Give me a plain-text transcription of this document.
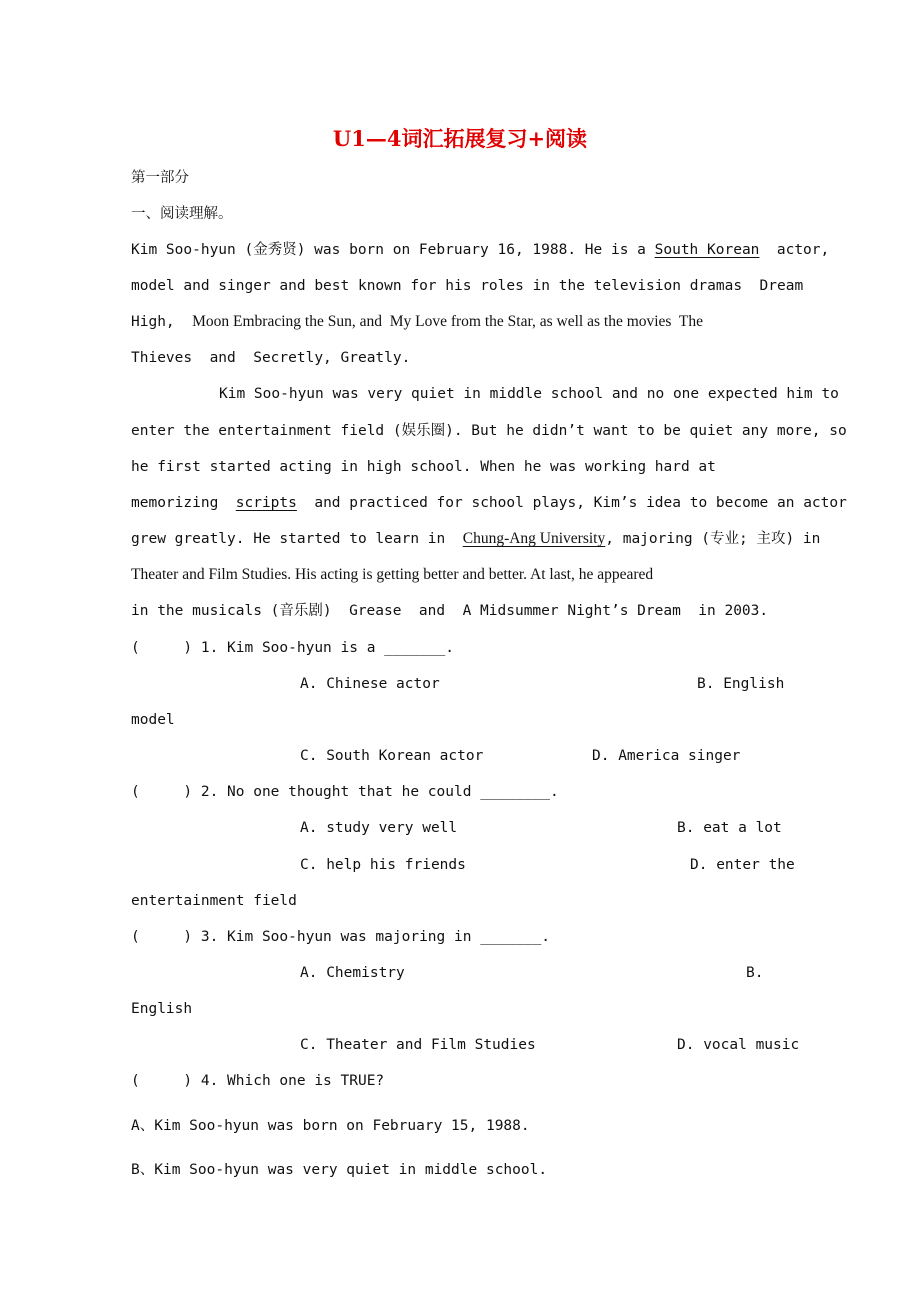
U1—4词汇拓展复习+阅读
第一部分
一、阅读理解。
Kim Soo-hyun (金秀贤) was born on February 16, 1988. He is a South Korean  actor,
model and singer and best known for his roles in the television dramas  Dream
High,  Moon Embracing the Sun, and  My Love from the Star, as well as the movies  The
Thieves  and  Secretly, Greatly.
Kim Soo-hyun was very quiet in middle school and no one expected him to
enter the entertainment field (娱乐圈). But he didn’t want to be quiet any more, so
he first started acting in high school. When he was working hard at
memorizing  scripts  and practiced for school plays, Kim’s idea to become an actor
grew greatly. He started to learn in  Chung-Ang University, majoring (专业; 主攻) in
Theater and Film Studies. His acting is getting better and better. At last, he appeared
in the musicals (音乐剧)  Grease  and  A Midsummer Night’s Dream  in 2003.
(     ) 1. Kim Soo-hyun is a _______.
A. Chinese actor	B. English
model
C. South Korean actor	D. America singer
(     ) 2. No one thought that he could ________.
A. study very well	B. eat a lot
C. help his friends	D. enter the
entertainment field
(     ) 3. Kim Soo-hyun was majoring in _______.
A. Chemistry	B.
English
C. Theater and Film Studies	D. vocal music
(     ) 4. Which one is TRUE?
A、Kim Soo-hyun was born on February 15, 1988.
B、Kim Soo-hyun was very quiet in middle school.
